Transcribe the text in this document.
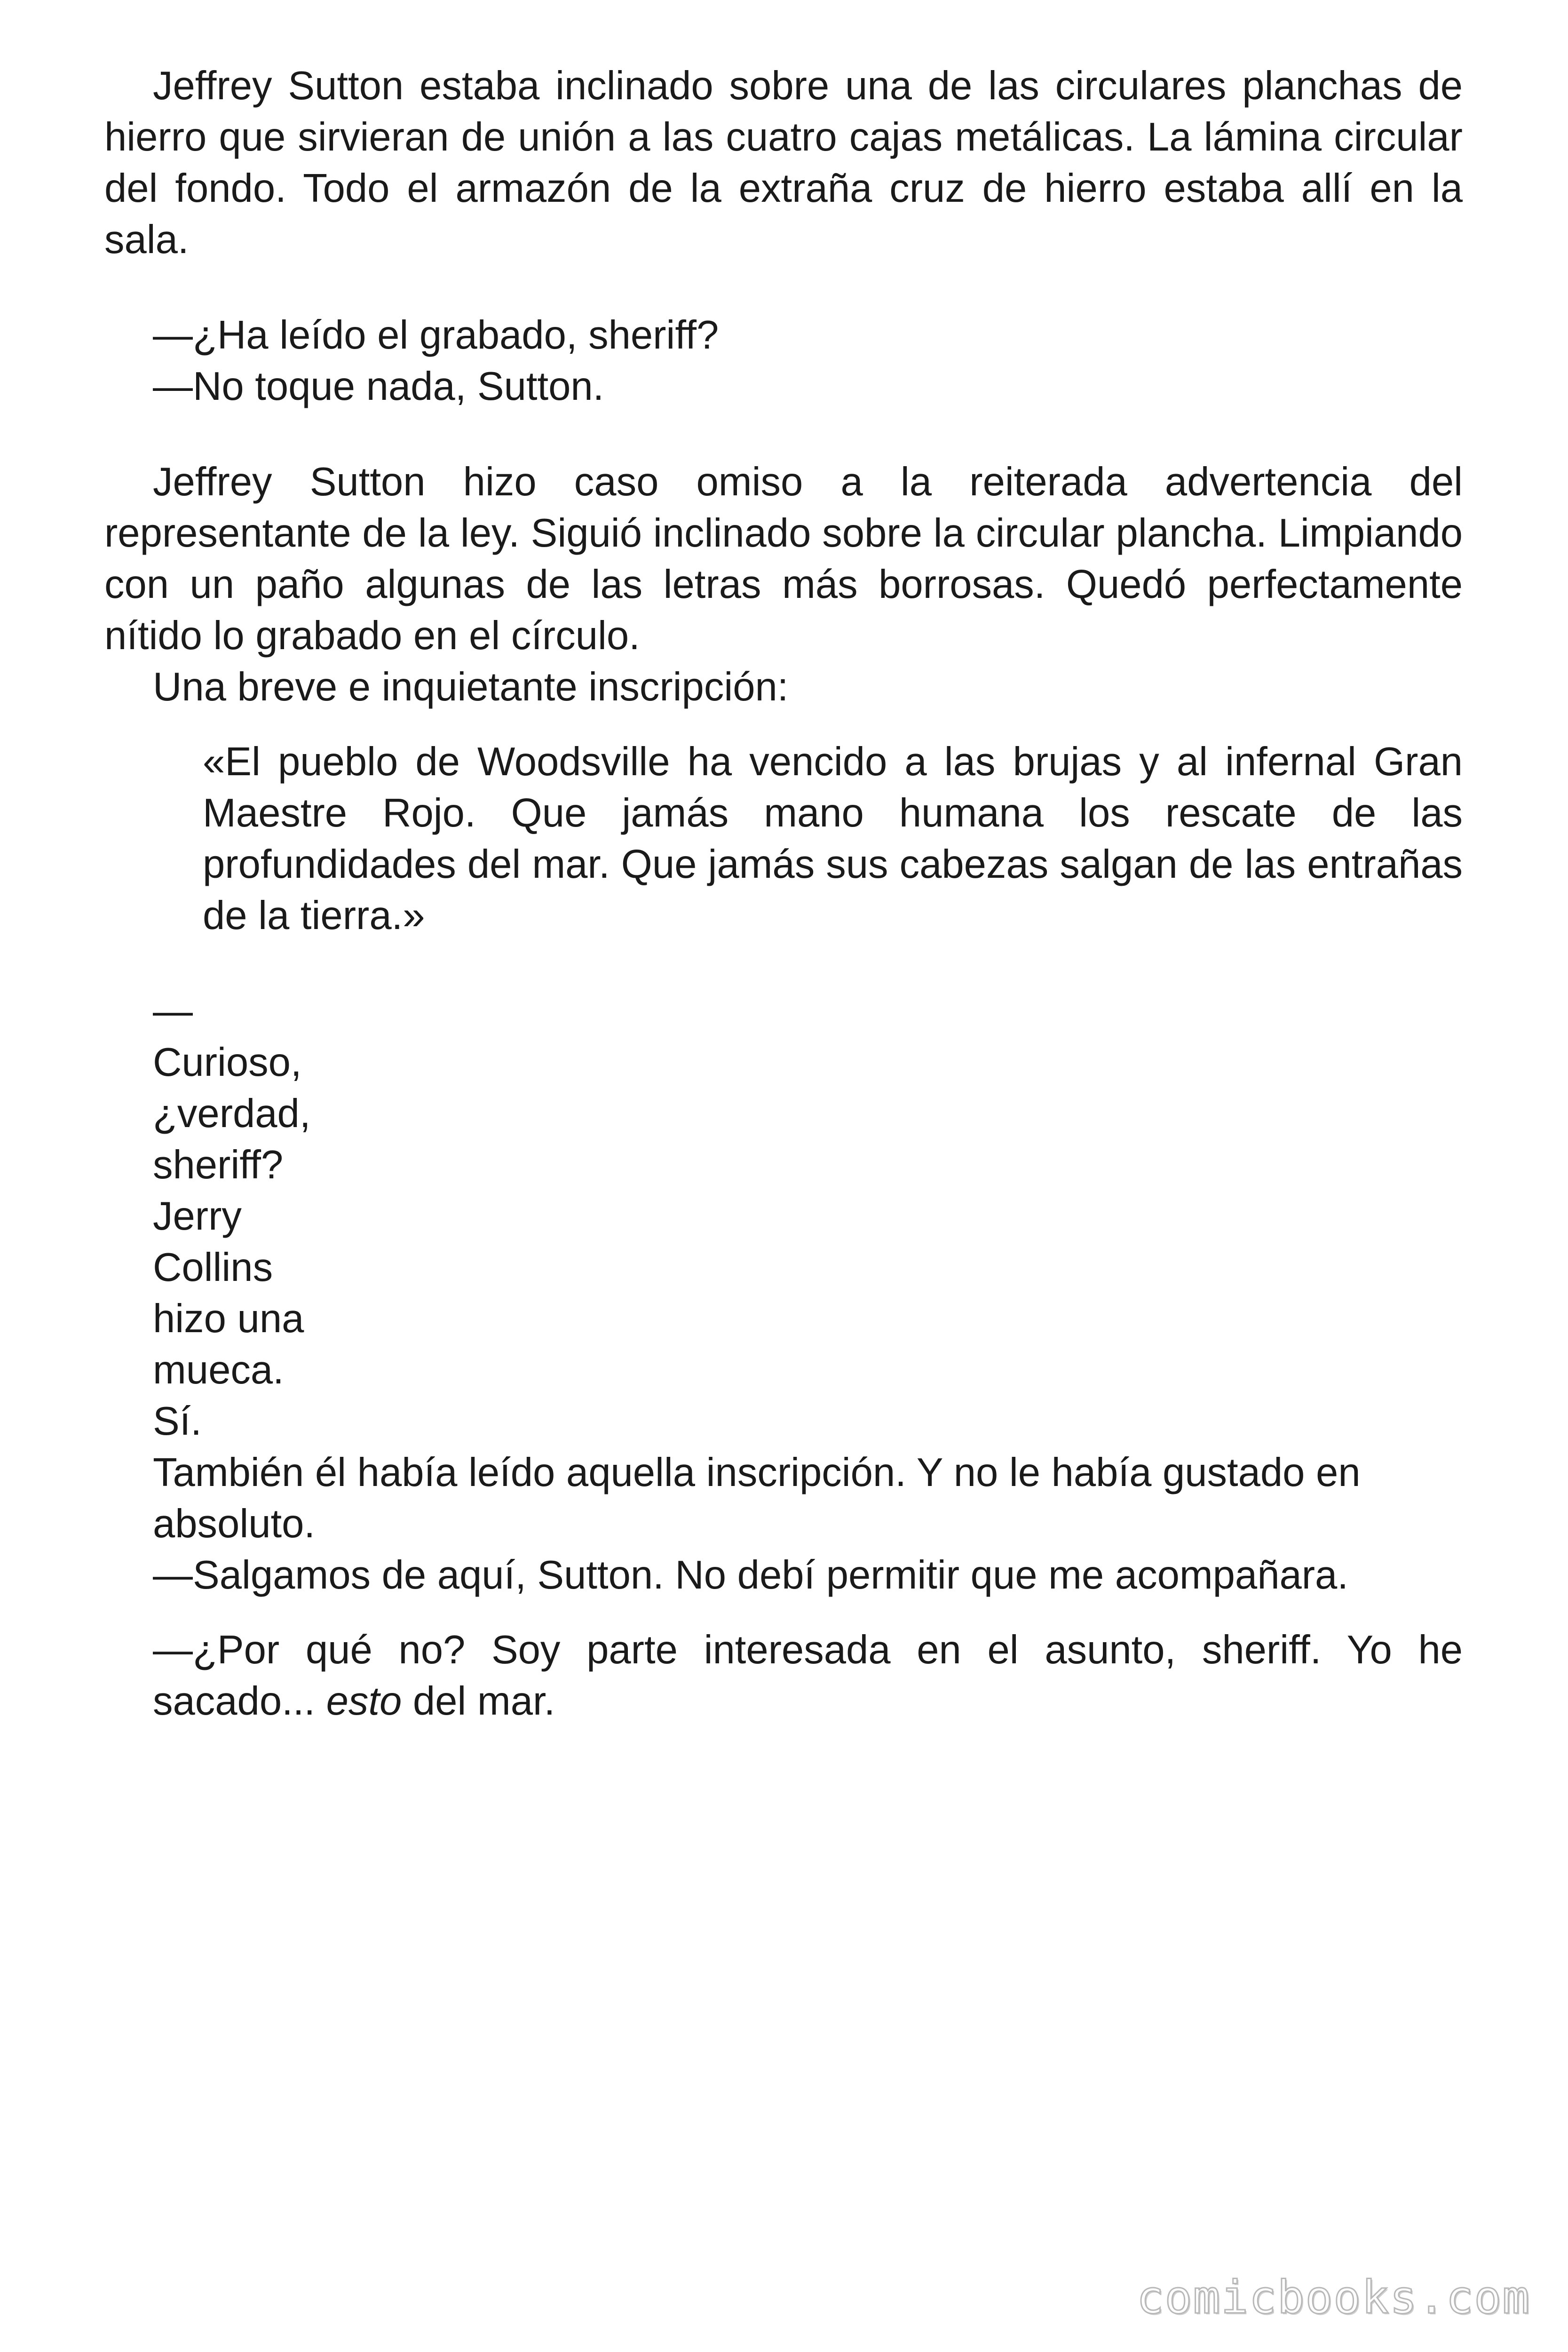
Jeffrey Sutton estaba inclinado sobre una de las circulares planchas de hierro que sirvieran de unión a las cuatro cajas metálicas. La lámina circular del fondo. Todo el armazón de la extraña cruz de hierro estaba allí en la sala.

—¿Ha leído el grabado, sheriff?

—No toque nada, Sutton.

Jeffrey Sutton hizo caso omiso a la reiterada advertencia del representante de la ley. Siguió inclinado sobre la circular plancha. Limpiando con un paño algunas de las letras más borrosas. Quedó perfectamente nítido lo grabado en el círculo.

Una breve e inquietante inscripción:

«El pueblo de Woodsville ha vencido a las brujas y al infernal Gran Maestre Rojo. Que jamás mano humana los rescate de las profundidades del mar. Que jamás sus cabezas salgan de las entrañas de la tierra.»

—

Curioso,

¿verdad,

sheriff?

Jerry

Collins

hizo una

mueca.

Sí.

También él había leído aquella inscripción. Y no le había gustado en absoluto.

—Salgamos de aquí, Sutton. No debí permitir que me acompañara.

—¿Por qué no? Soy parte interesada en el asunto, sheriff. Yo he sacado... esto del mar.

comicbooks.com
